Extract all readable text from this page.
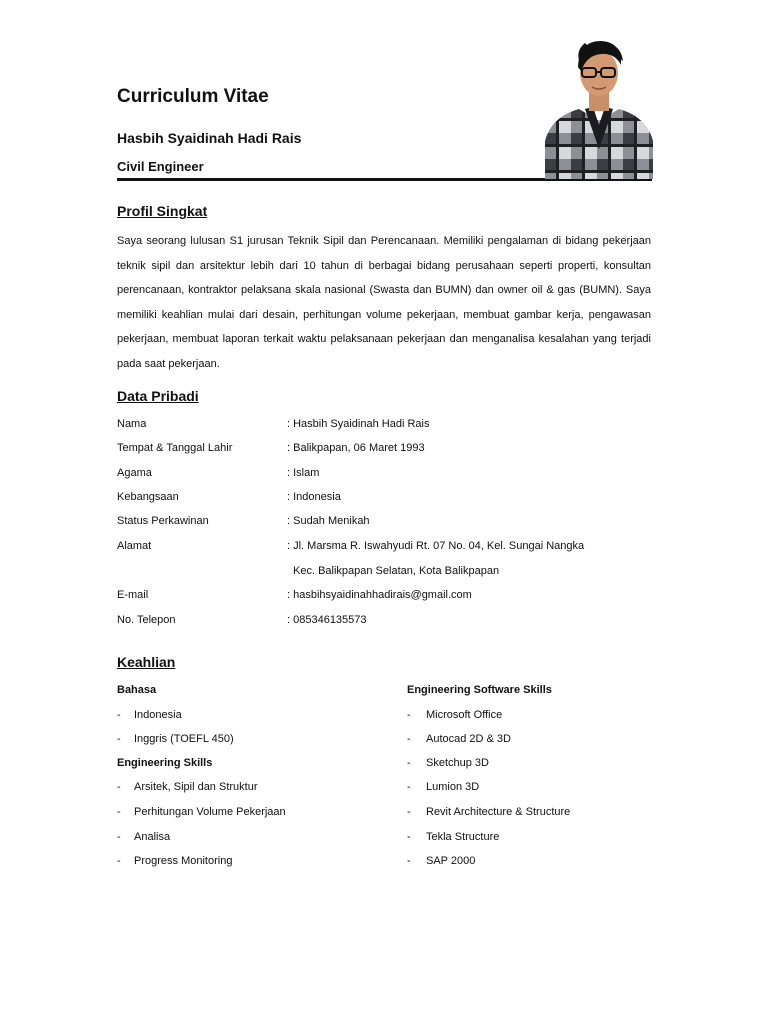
Curriculum Vitae
Hasbih Syaidinah Hadi Rais
Civil Engineer
Profil Singkat

Saya seorang lulusan S1 jurusan Teknik Sipil dan Perencanaan. Memiliki pengalaman di bidang pekerjaan teknik sipil dan arsitektur lebih dari 10 tahun di berbagai bidang perusahaan seperti properti, konsultan perencanaan, kontraktor pelaksana skala nasional (Swasta dan BUMN) dan owner oil & gas (BUMN). Saya memiliki keahlian mulai dari desain, perhitungan volume pekerjaan, membuat gambar kerja, pengawasan pekerjaan, membuat laporan terkait waktu pelaksanaan pekerjaan dan menganalisa kesalahan yang terjadi pada saat pekerjaan.

Data Pribadi
Nama	: Hasbih Syaidinah Hadi Rais
Tempat & Tanggal Lahir	: Balikpapan, 06 Maret 1993
Agama	: Islam
Kebangsaan	: Indonesia
Status Perkawinan	: Sudah Menikah
Alamat	: Jl. Marsma R. Iswahyudi Rt. 07 No. 04, Kel. Sungai Nangka
Kec. Balikpapan Selatan, Kota Balikpapan
E-mail	: hasbihsyaidinahhadirais@gmail.com
No. Telepon	: 085346135573
Keahlian
Bahasa
- Indonesia
- Inggris (TOEFL 450)
Engineering Skills
- Arsitek, Sipil dan Struktur
- Perhitungan Volume Pekerjaan
- Analisa
- Progress Monitoring
Engineering Software Skills
- Microsoft Office
- Autocad 2D & 3D
- Sketchup 3D
- Lumion 3D
- Revit Architecture & Structure
- Tekla Structure
- SAP 2000
